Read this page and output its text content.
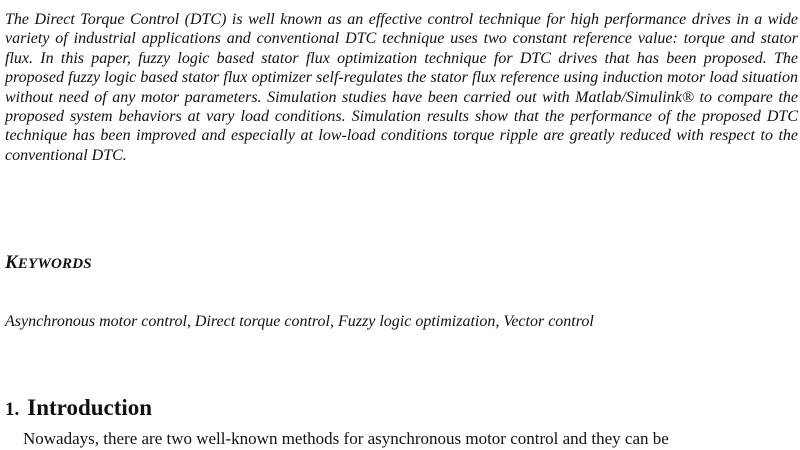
The Direct Torque Control (DTC) is well known as an effective control technique for high performance drives in a wide variety of industrial applications and conventional DTC technique uses two constant reference value: torque and stator flux. In this paper, fuzzy logic based stator flux optimization technique for DTC drives that has been proposed. The proposed fuzzy logic based stator flux optimizer self-regulates the stator flux reference using induction motor load situation without need of any motor parameters. Simulation studies have been carried out with Matlab/Simulink® to compare the proposed system behaviors at vary load conditions. Simulation results show that the performance of the proposed DTC technique has been improved and especially at low-load conditions torque ripple are greatly reduced with respect to the conventional DTC.

KEYWORDS

Asynchronous motor control, Direct torque control, Fuzzy logic optimization, Vector control

1. Introduction

Nowadays, there are two well-known methods for asynchronous motor control and they can be
